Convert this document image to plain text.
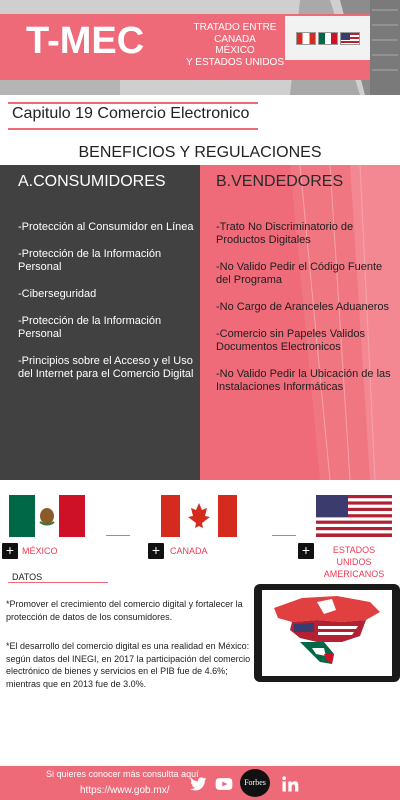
T-MEC	TRATADO ENTRE
CANADA
MÉXICO
Y ESTADOS UNIDOS
Capitulo 19 Comercio Electronico
BENEFICIOS Y REGULACIONES
A.CONSUMIDORES
-Protección al Consumidor en Línea
-Protección de la Información Personal
-Ciberseguridad
-Protección de la Información Personal
-Principios sobre el Acceso y el Uso del Internet para el Comercio Digital
B.VENDEDORES
-Trato No Discriminatorio de Productos Digitales
-No Valido Pedir el Código Fuente del Programa
-No Cargo de Aranceles Aduaneros
-Comercio sin Papeles Validos Documentos Electronicos
-No Valido Pedir la Ubicación de las Instalaciones Informáticas
+ MÉXICO	+	CANADA	+	ESTADOS UNIDOS AMERICANOS
DATOS
*Promover el crecimiento del comercio digital y fortalecer la protección de datos de los consumidores.
*El desarrollo del comercio digital es una realidad en México: según datos del INEGI, en 2017 la participación del comercio electrónico de bienes y servicios en el PIB fue de 4.6%; mientras que en 2013 fue de 3.0%.
Si quieres conocer más consultta aquí
https://www.gob.mx/
Forbes
